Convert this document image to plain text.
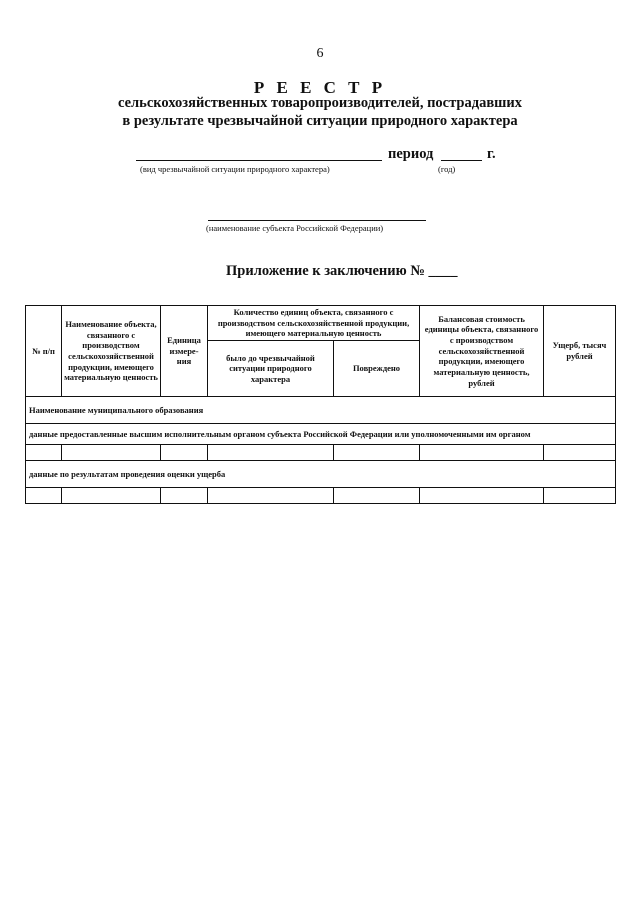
6
Р Е Е С Т Р
сельскохозяйственных товаропроизводителей, пострадавших
в результате чрезвычайной ситуации природного характера
период	г.
(вид чрезвычайной ситуации природного характера)	(год)
(наименование субъекта Российской Федерации)
Приложение к заключению № ____
№ п/п	Наименование объекта, связанного с производством сельскохозяйственной продукции, имеющего материальную ценность	Единица измере-ния	Количество единиц объекта, связанного с производством сельскохозяйственной продукции, имеющего материальную ценность		Балансовая стоимость единицы объекта, связанного с производством сельскохозяйственной продукции, имеющего материальную ценность, рублей	Ущерб, тысяч рублей
			было до чрезвычайной ситуации природного характера	Повреждено		
Наименование муниципального образования						
данные предоставленные высшим исполнительным органом субъекта Российской Федерации или уполномоченными им органом						

данные по результатам проведения оценки ущерба						
